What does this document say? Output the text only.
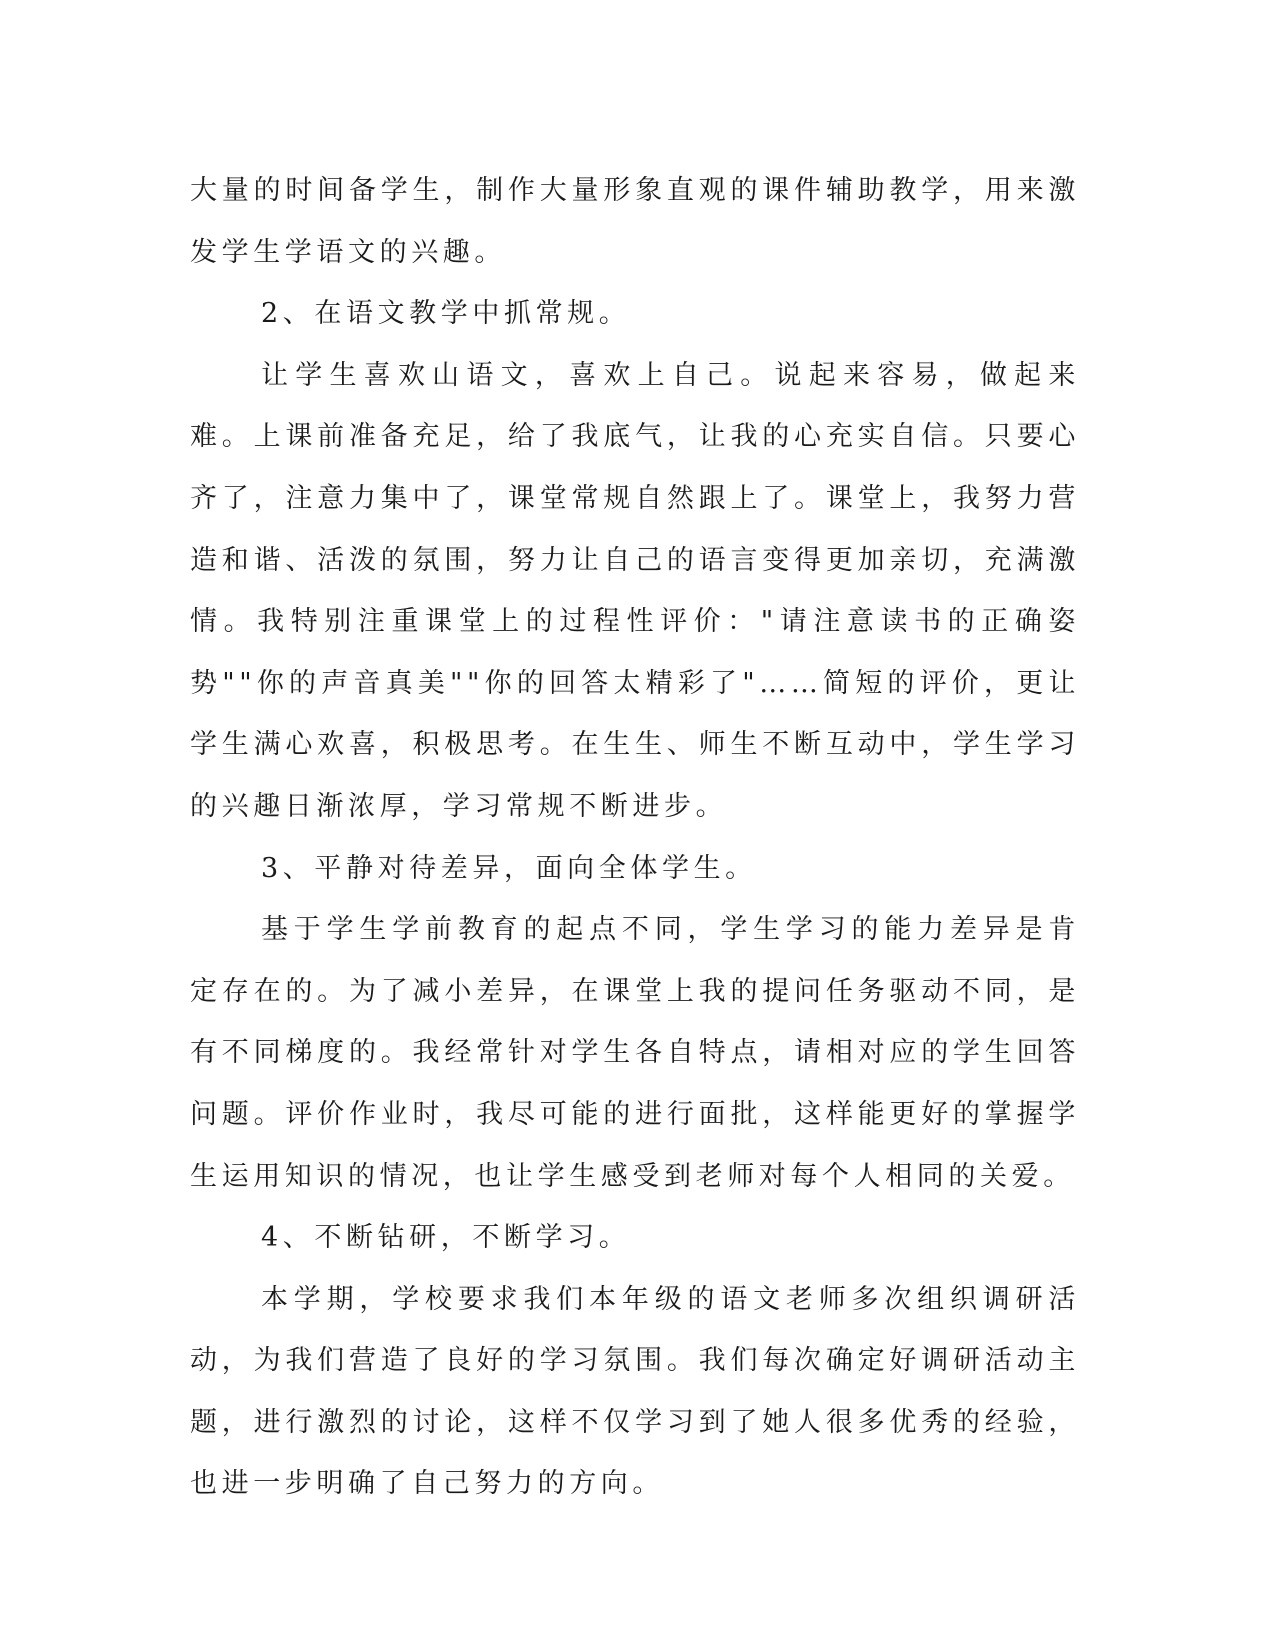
大量的时间备学生，制作大量形象直观的课件辅助教学，用来激发学生学语文的兴趣。

2、在语文教学中抓常规。

让学生喜欢山语文，喜欢上自己。说起来容易，做起来难。上课前准备充足，给了我底气，让我的心充实自信。只要心齐了，注意力集中了，课堂常规自然跟上了。课堂上，我努力营造和谐、活泼的氛围，努力让自己的语言变得更加亲切，充满激情。我特别注重课堂上的过程性评价："请注意读书的正确姿势""你的声音真美""你的回答太精彩了"……简短的评价，更让学生满心欢喜，积极思考。在生生、师生不断互动中，学生学习的兴趣日渐浓厚，学习常规不断进步。

3、平静对待差异，面向全体学生。

基于学生学前教育的起点不同，学生学习的能力差异是肯定存在的。为了减小差异，在课堂上我的提问任务驱动不同，是有不同梯度的。我经常针对学生各自特点，请相对应的学生回答问题。评价作业时，我尽可能的进行面批，这样能更好的掌握学生运用知识的情况，也让学生感受到老师对每个人相同的关爱。

4、不断钻研，不断学习。

本学期，学校要求我们本年级的语文老师多次组织调研活动，为我们营造了良好的学习氛围。我们每次确定好调研活动主题，进行激烈的讨论，这样不仅学习到了她人很多优秀的经验，也进一步明确了自己努力的方向。
